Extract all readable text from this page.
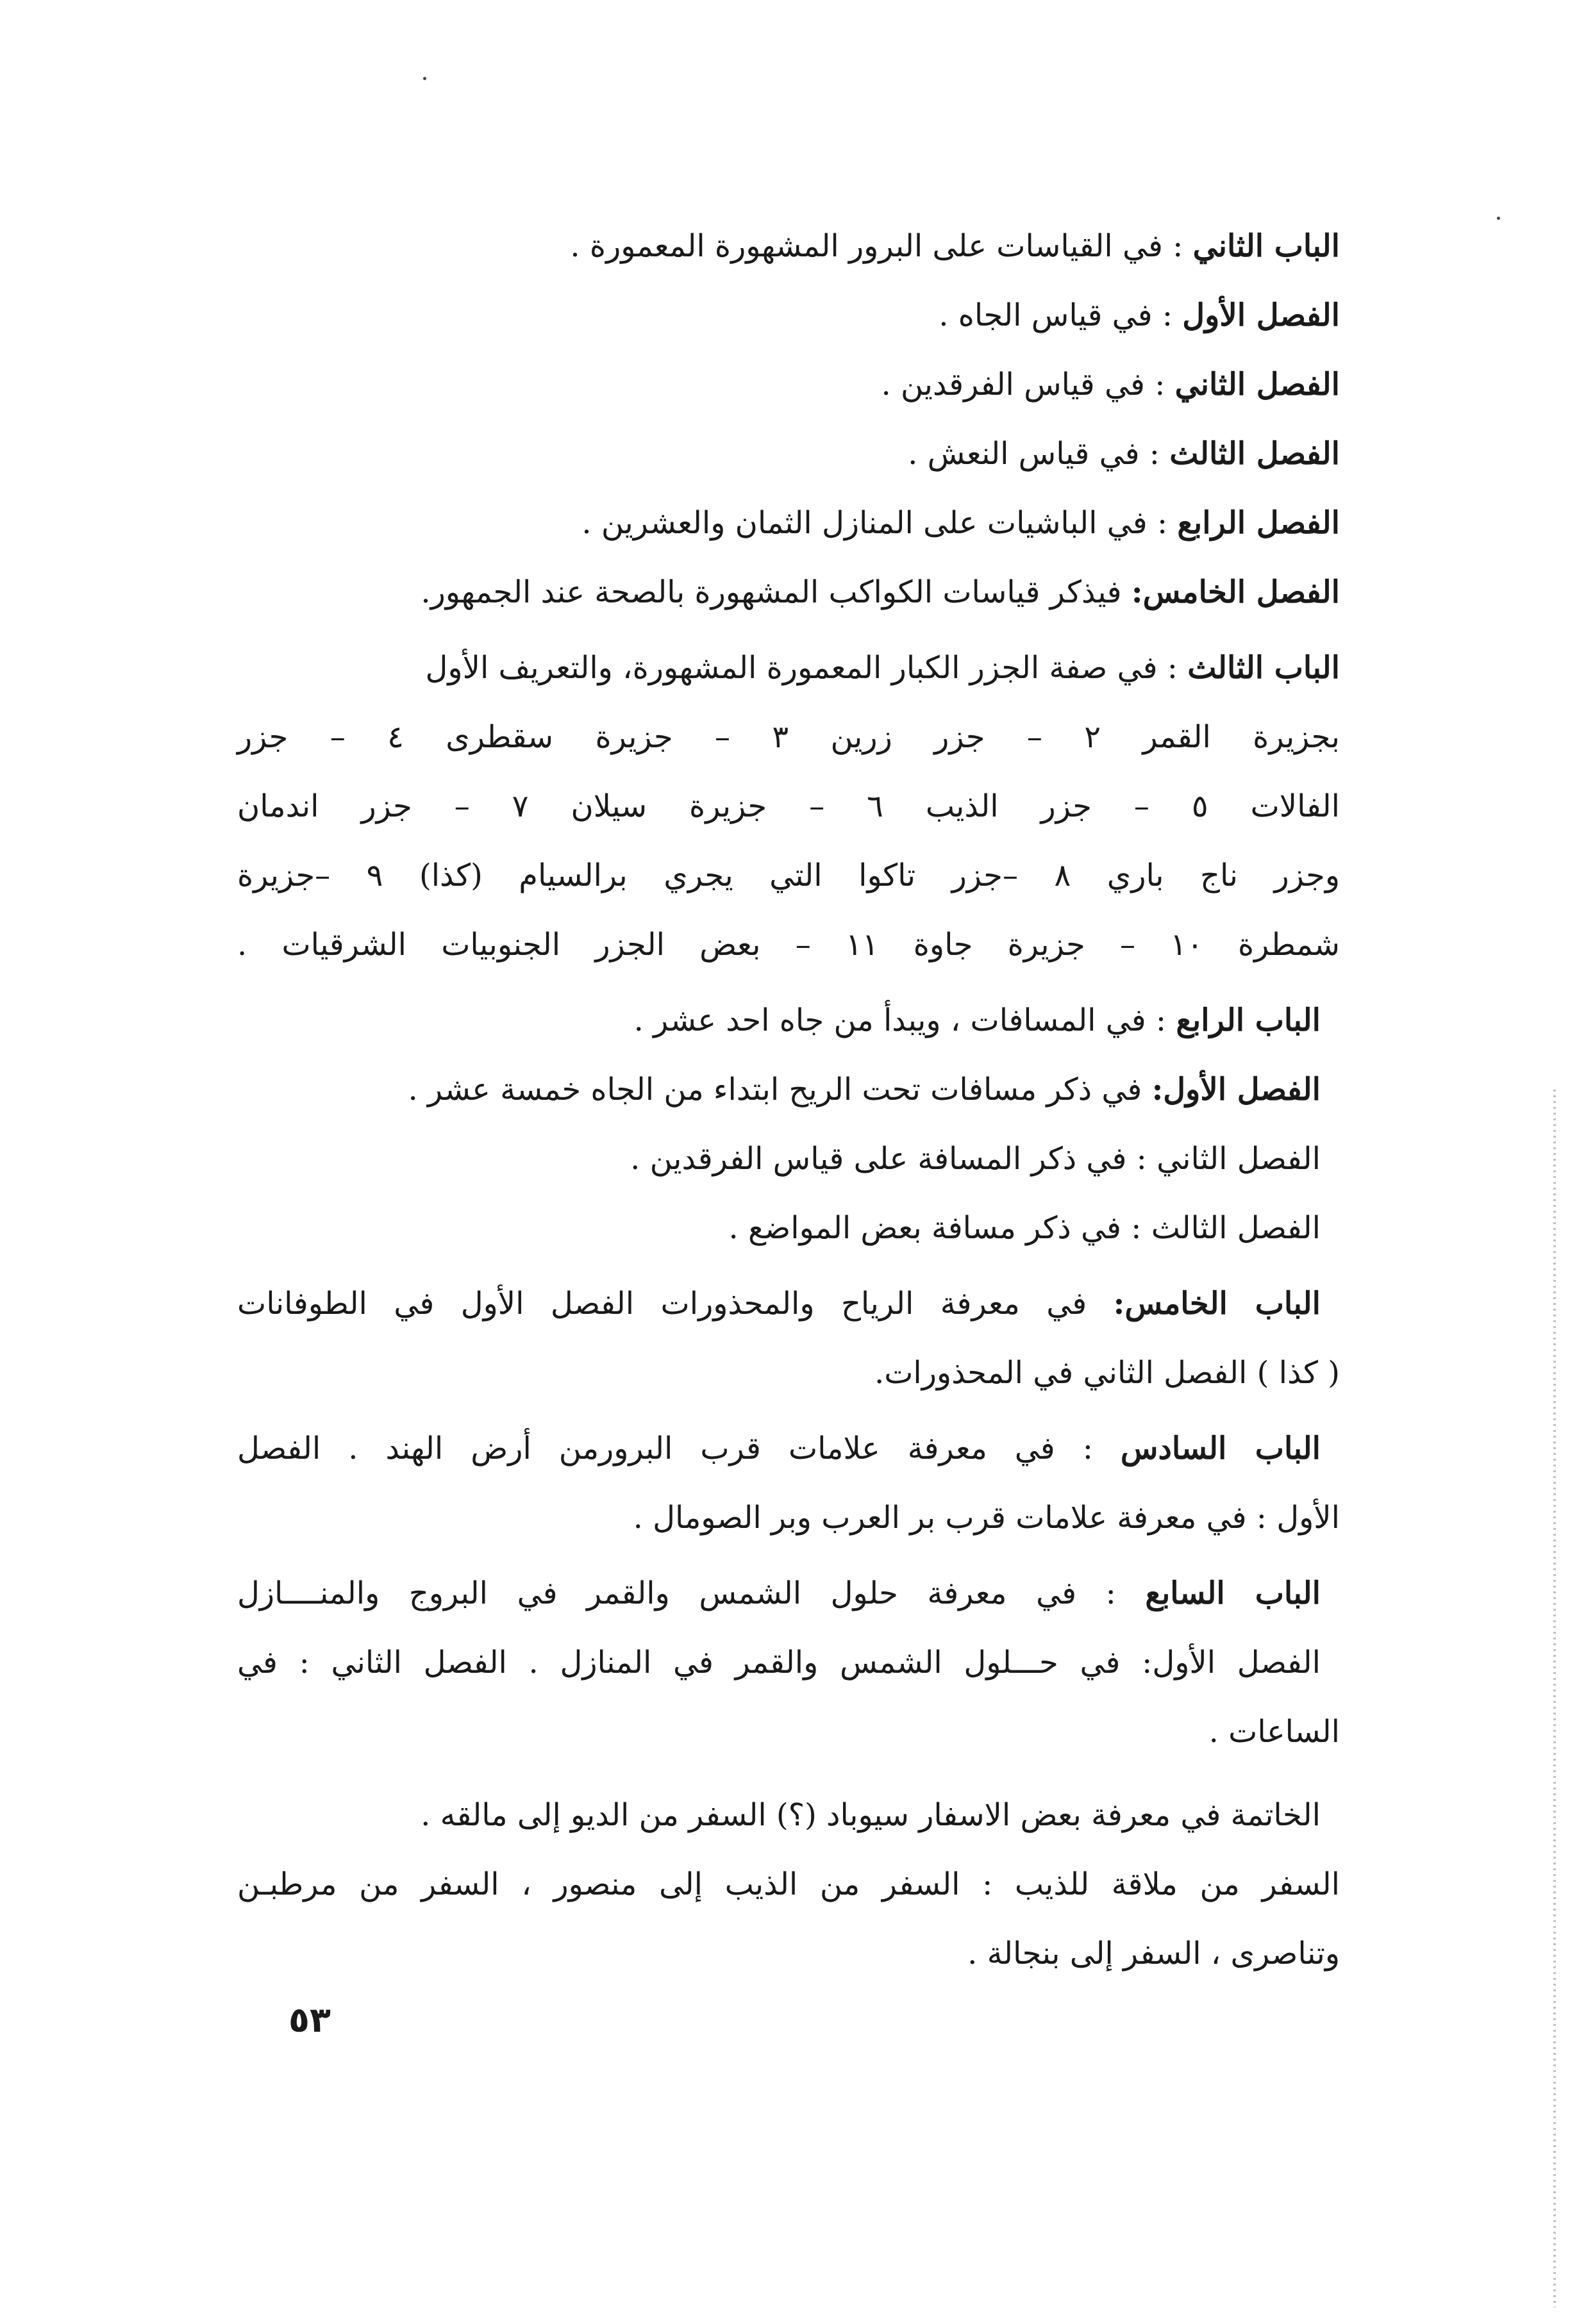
الباب الثاني : في القياسات على البرور المشهورة المعمورة .
الفصل الأول : في قياس الجاه .
الفصل الثاني : في قياس الفرقدين .
الفصل الثالث : في قياس النعش .
الفصل الرابع : في الباشيات على المنازل الثمان والعشرين .
الفصل الخامس: فيذكر قياسات الكواكب المشهورة بالصحة عند الجمهور.
الباب الثالث : في صفة الجزر الكبار المعمورة المشهورة، والتعريف الأول
بجزيرة القمر ٢ – جزر زرين ٣ – جزيرة سقطرى ٤ – جزر
الفالات ٥ – جزر الذيب ٦ – جزيرة سيلان ٧ – جزر اندمان
وجزر ناج باري ٨ –جزر تاكوا التي يجري برالسيام (كذا) ٩ –جزيرة
شمطرة ١٠ – جزيرة جاوة ١١ – بعض الجزر الجنوبيات الشرقيات .
الباب الرابع : في المسافات ، ويبدأ من جاه احد عشر .
الفصل الأول: في ذكر مسافات تحت الريح ابتداء من الجاه خمسة عشر .
الفصل الثاني : في ذكر المسافة على قياس الفرقدين .
الفصل الثالث : في ذكر مسافة بعض المواضع .
الباب الخامس: في معرفة الرياح والمحذورات الفصل الأول في الطوفانات
( كذا ) الفصل الثاني في المحذورات.
الباب السادس : في معرفة علامات قرب البرورمن أرض الهند . الفصل
الأول : في معرفة علامات قرب بر العرب وبر الصومال .
الباب السابع : في معرفة حلول الشمس والقمر في البروج والمنــــازل
الفصل الأول: في حـــلول الشمس والقمر في المنازل . الفصل الثاني : في
الساعات .
الخاتمة في معرفة بعض الاسفار سيوباد (؟) السفر من الديو إلى مالقه .
السفر من ملاقة للذيب : السفر من الذيب إلى منصور ، السفر من مرطبـن
وتناصرى ، السفر إلى بنجالة .
٥٣
